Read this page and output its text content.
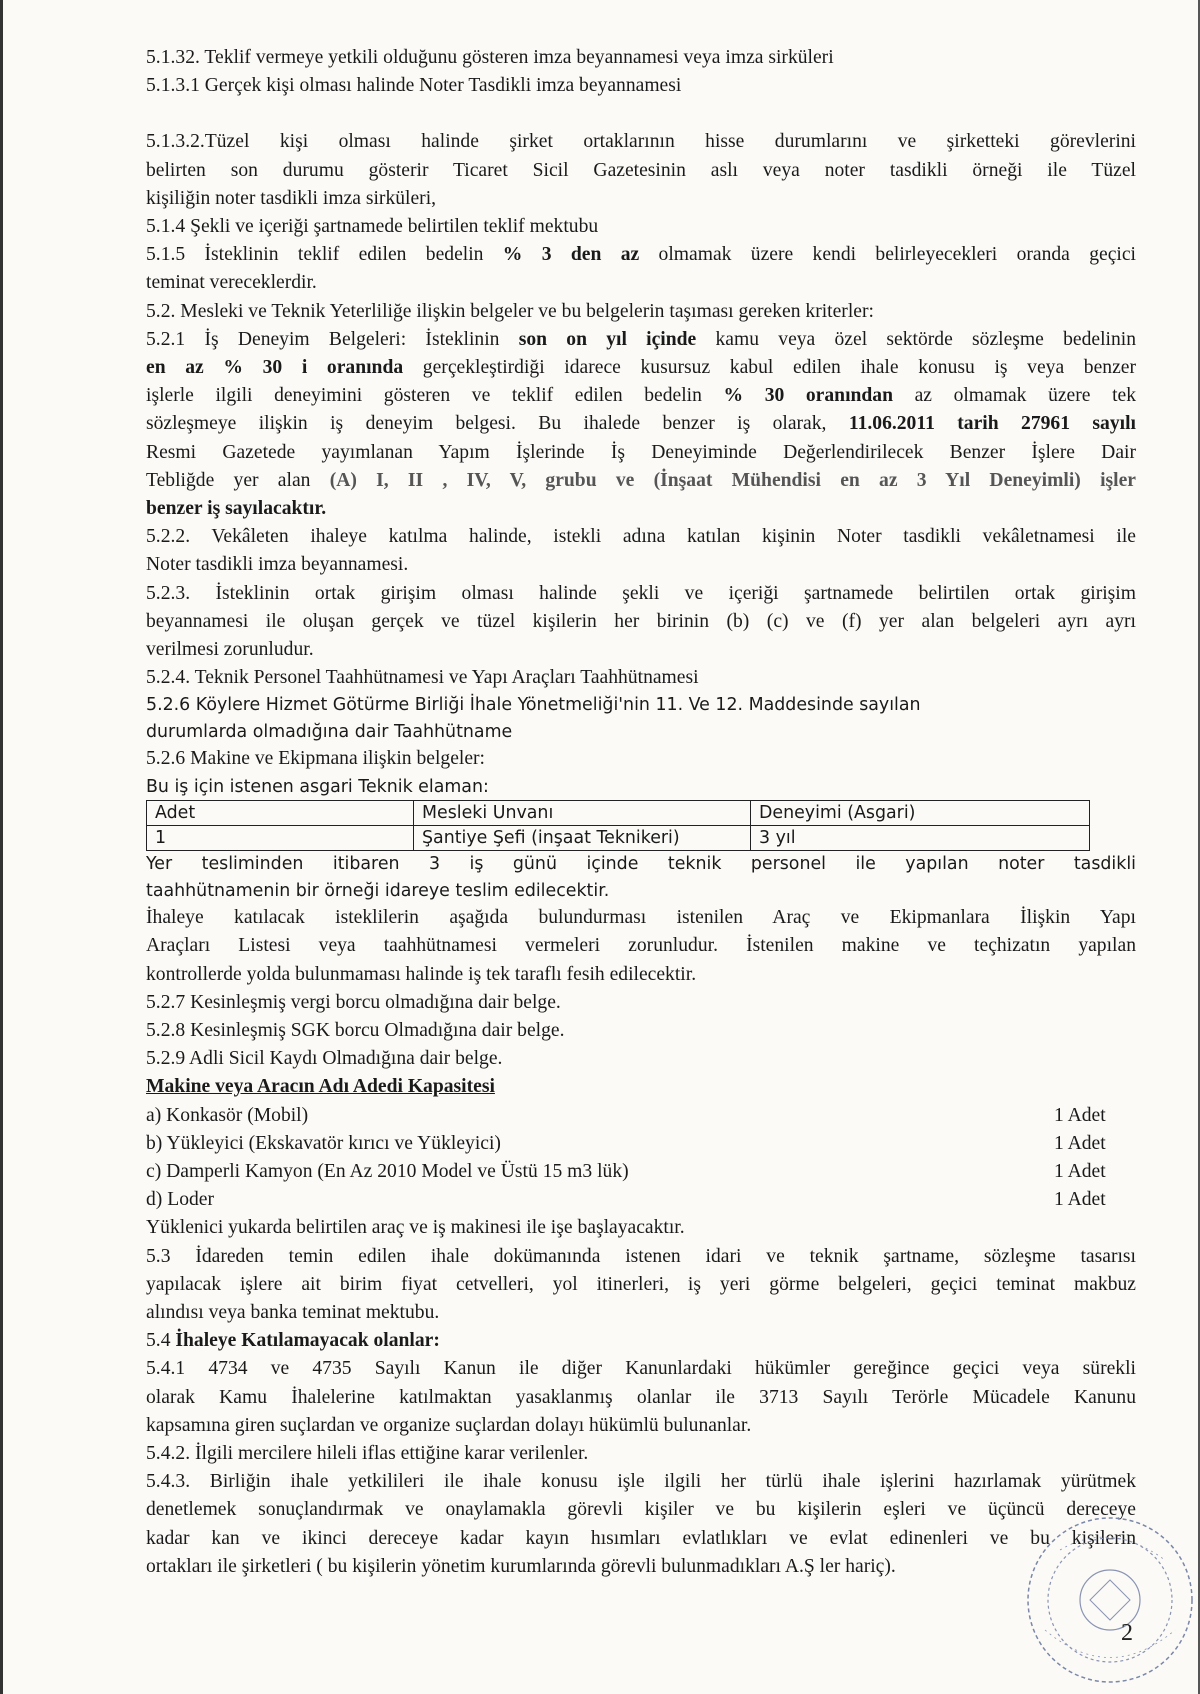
5.1.32. Teklif vermeye yetkili olduğunu gösteren imza beyannamesi veya imza sirküleri

5.1.3.1 Gerçek kişi olması halinde Noter Tasdikli imza beyannamesi

5.1.3.2.Tüzel kişi olması halinde şirket ortaklarının hisse durumlarını ve şirketteki görevlerini

belirten son durumu gösterir Ticaret Sicil Gazetesinin aslı veya noter tasdikli örneği ile Tüzel

kişiliğin noter tasdikli imza sirküleri,

5.1.4 Şekli ve içeriği şartnamede belirtilen teklif mektubu

5.1.5 İsteklinin teklif edilen bedelin % 3 den az olmamak üzere kendi belirleyecekleri oranda geçici

teminat vereceklerdir.

5.2. Mesleki ve Teknik Yeterliliğe ilişkin belgeler ve bu belgelerin taşıması gereken kriterler:

5.2.1 İş Deneyim Belgeleri: İsteklinin son on yıl içinde kamu veya özel sektörde sözleşme bedelinin

en az % 30 i oranında gerçekleştirdiği idarece kusursuz kabul edilen ihale konusu iş veya benzer

işlerle ilgili deneyimini gösteren ve teklif edilen bedelin % 30 oranından az olmamak üzere tek

sözleşmeye ilişkin iş deneyim belgesi. Bu ihalede benzer iş olarak, 11.06.2011 tarih 27961 sayılı

Resmi Gazetede yayımlanan Yapım İşlerinde İş Deneyiminde Değerlendirilecek Benzer İşlere Dair

Tebliğde yer alan (A) I, II , IV, V, grubu ve (İnşaat Mühendisi en az 3 Yıl Deneyimli) işler

benzer iş sayılacaktır.

5.2.2. Vekâleten ihaleye katılma halinde, istekli adına katılan kişinin Noter tasdikli vekâletnamesi ile

Noter tasdikli imza beyannamesi.

5.2.3. İsteklinin ortak girişim olması halinde şekli ve içeriği şartnamede belirtilen ortak girişim

beyannamesi ile oluşan gerçek ve tüzel kişilerin her birinin (b) (c) ve (f) yer alan belgeleri ayrı ayrı

verilmesi zorunludur.

5.2.4. Teknik Personel Taahhütnamesi ve Yapı Araçları Taahhütnamesi

5.2.6 Köylere Hizmet Götürme Birliği İhale Yönetmeliği'nin 11. Ve 12. Maddesinde sayılan

durumlarda olmadığına dair Taahhütname

5.2.6 Makine ve Ekipmana ilişkin belgeler:

Bu iş için istenen asgari Teknik elaman:

Adet	Mesleki Unvanı	Deneyimi (Asgari)
1	Şantiye Şefi (inşaat Teknikeri)	3 yıl

Yer tesliminden itibaren 3 iş günü içinde teknik personel ile yapılan noter tasdikli

taahhütnamenin bir örneği idareye teslim edilecektir.

İhaleye katılacak isteklilerin aşağıda bulundurması istenilen Araç ve Ekipmanlara İlişkin Yapı

Araçları Listesi veya taahhütnamesi vermeleri zorunludur. İstenilen makine ve teçhizatın yapılan

kontrollerde yolda bulunmaması halinde iş tek taraflı fesih edilecektir.

5.2.7 Kesinleşmiş vergi borcu olmadığına dair belge.

5.2.8 Kesinleşmiş SGK borcu Olmadığına dair belge.

5.2.9 Adli Sicil Kaydı Olmadığına dair belge.

Makine veya Aracın Adı Adedi Kapasitesi

a) Konkasör (Mobil)	1 Adet
b) Yükleyici (Ekskavatör kırıcı ve Yükleyici)	1 Adet
c) Damperli Kamyon (En Az 2010 Model ve Üstü 15 m3 lük)	1 Adet
d) Loder	1 Adet

Yüklenici yukarda belirtilen araç ve iş makinesi ile işe başlayacaktır.

5.3 İdareden temin edilen ihale dokümanında istenen idari ve teknik şartname, sözleşme tasarısı

yapılacak işlere ait birim fiyat cetvelleri, yol itinerleri, iş yeri görme belgeleri, geçici teminat makbuz

alındısı veya banka teminat mektubu.

5.4 İhaleye Katılamayacak olanlar:

5.4.1 4734 ve 4735 Sayılı Kanun ile diğer Kanunlardaki hükümler gereğince geçici veya sürekli

olarak Kamu İhalelerine katılmaktan yasaklanmış olanlar ile 3713 Sayılı Terörle Mücadele Kanunu

kapsamına giren suçlardan ve organize suçlardan dolayı hükümlü bulunanlar.

5.4.2. İlgili mercilere hileli iflas ettiğine karar verilenler.

5.4.3. Birliğin ihale yetkilileri ile ihale konusu işle ilgili her türlü ihale işlerini hazırlamak yürütmek

denetlemek sonuçlandırmak ve onaylamakla görevli kişiler ve bu kişilerin eşleri ve üçüncü dereceye

kadar kan ve ikinci dereceye kadar kayın hısımları evlatlıkları ve evlat edinenleri ve bu kişilerin

ortakları ile şirketleri ( bu kişilerin yönetim kurumlarında görevli bulunmadıkları A.Ş ler hariç).

2
